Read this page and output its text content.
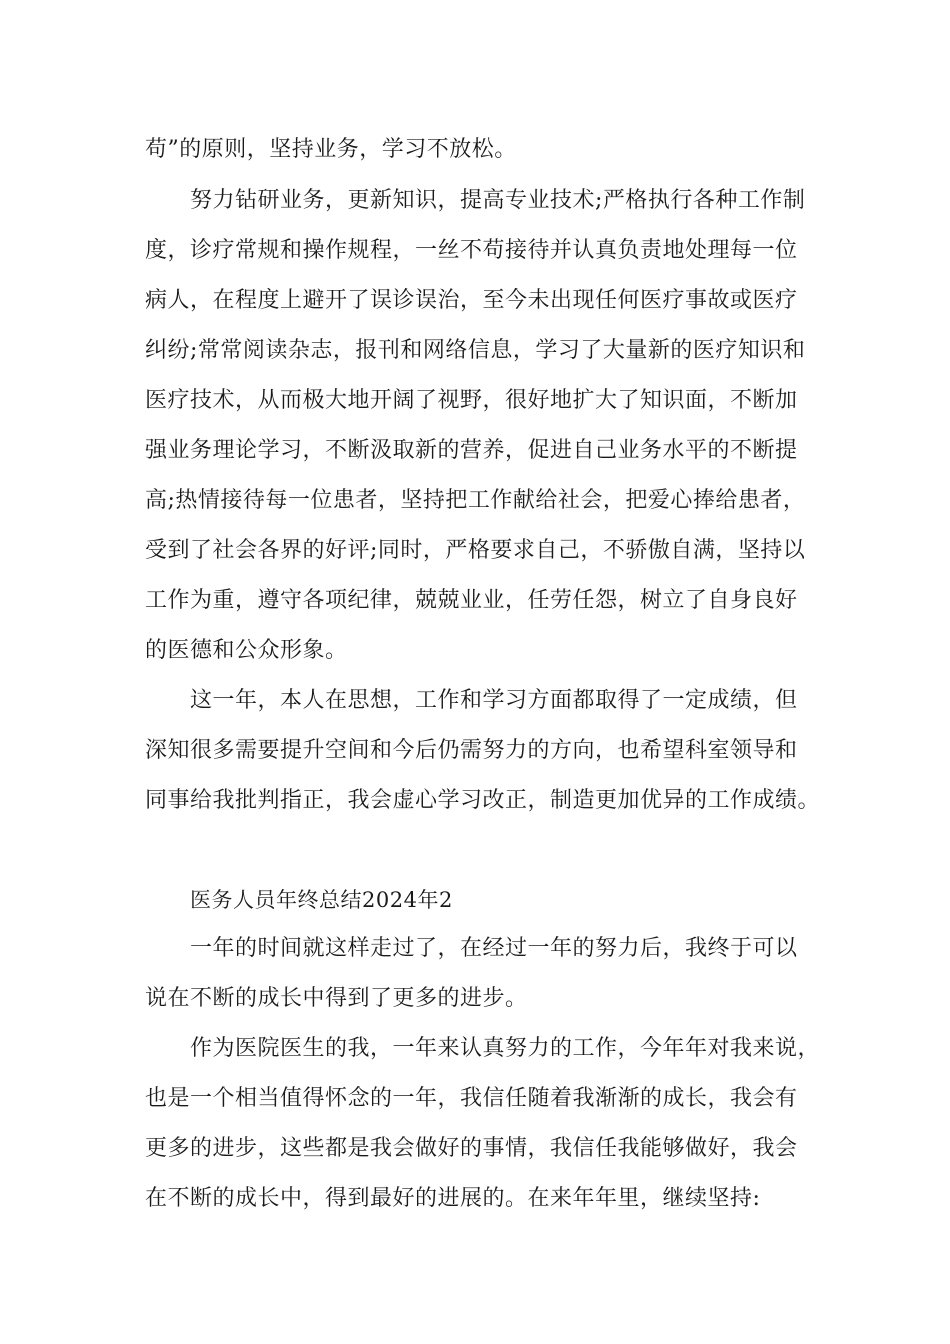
苟”的原则，坚持业务，学习不放松。
努力钻研业务，更新知识，提高专业技术;严格执行各种工作制
度，诊疗常规和操作规程，一丝不苟接待并认真负责地处理每一位
病人，在程度上避开了误诊误治，至今未出现任何医疗事故或医疗
纠纷;常常阅读杂志，报刊和网络信息，学习了大量新的医疗知识和
医疗技术，从而极大地开阔了视野，很好地扩大了知识面，不断加
强业务理论学习，不断汲取新的营养，促进自己业务水平的不断提
高;热情接待每一位患者，坚持把工作献给社会，把爱心捧给患者，
受到了社会各界的好评;同时，严格要求自己，不骄傲自满，坚持以
工作为重，遵守各项纪律，兢兢业业，任劳任怨，树立了自身良好
的医德和公众形象。
这一年，本人在思想，工作和学习方面都取得了一定成绩，但
深知很多需要提升空间和今后仍需努力的方向，也希望科室领导和
同事给我批判指正，我会虚心学习改正，制造更加优异的工作成绩。
医务人员年终总结2024年2
一年的时间就这样走过了，在经过一年的努力后，我终于可以
说在不断的成长中得到了更多的进步。
作为医院医生的我，一年来认真努力的工作，今年年对我来说，
也是一个相当值得怀念的一年，我信任随着我渐渐的成长，我会有
更多的进步，这些都是我会做好的事情，我信任我能够做好，我会
在不断的成长中，得到最好的进展的。在来年年里，继续坚持:
